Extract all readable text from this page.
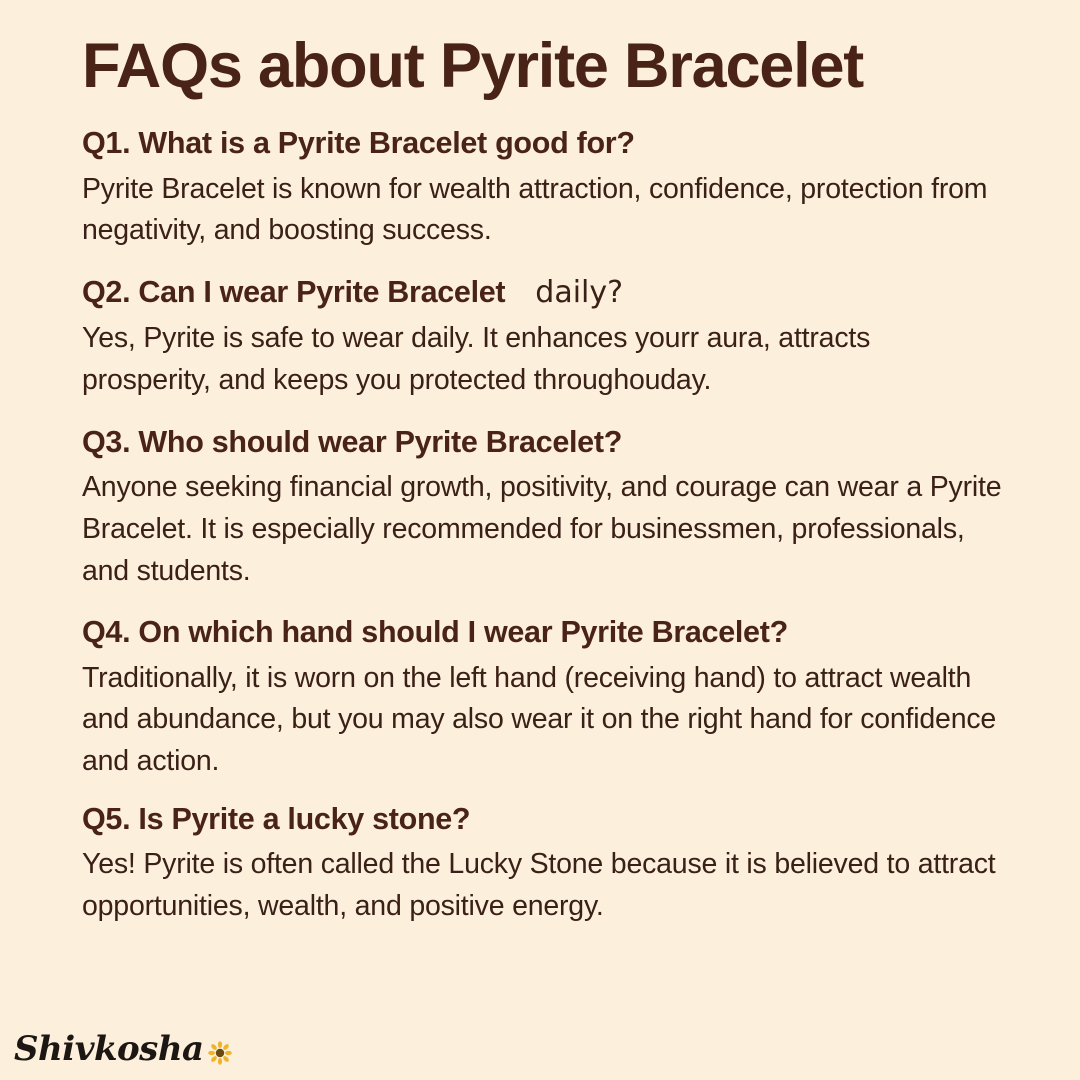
FAQs about Pyrite Bracelet

Q1. What is a Pyrite Bracelet good for?

Pyrite Bracelet is known for wealth attraction, confidence, protection from negativity, and boosting success.

Q2. Can I wear Pyrite Bracelet daily?

Yes, Pyrite is safe to wear daily. It enhances yourr aura, attracts prosperity, and keeps you protected throughouday.

Q3. Who should wear Pyrite Bracelet?

Anyone seeking financial growth, positivity, and courage can wear a Pyrite Bracelet. It is especially recommended for businessmen, professionals, and students.

Q4. On which hand should I wear Pyrite Bracelet?

Traditionally, it is worn on the left hand (receiving hand) to attract wealth and abundance, but you may also wear it on the right hand for confidence and action.

Q5. Is Pyrite a lucky stone?

Yes! Pyrite is often called the Lucky Stone because it is believed to attract opportunities, wealth, and positive energy.

Shivkosha
